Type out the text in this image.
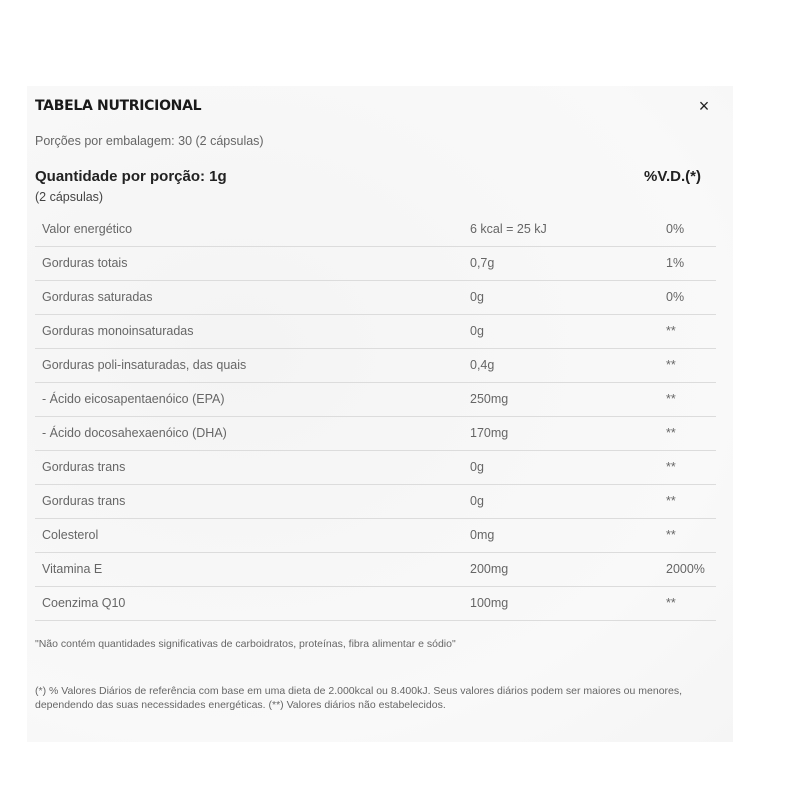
TABELA NUTRICIONAL	×
Porções por embalagem: 30 (2 cápsulas)
Quantidade por porção: 1g
(2 cápsulas)
%V.D.(*)
Valor energético	6 kcal = 25 kJ	0%
Gorduras totais	0,7g	1%
Gorduras saturadas	0g	0%
Gorduras monoinsaturadas	0g	**
Gorduras poli-insaturadas, das quais	0,4g	**
- Ácido eicosapentaenóico (EPA)	250mg	**
- Ácido docosahexaenóico (DHA)	170mg	**
Gorduras trans	0g	**
Gorduras trans	0g	**
Colesterol	0mg	**
Vitamina E	200mg	2000%
Coenzima Q10	100mg	**
"Não contém quantidades significativas de carboidratos, proteínas, fibra alimentar e sódio"
(*) % Valores Diários de referência com base em uma dieta de 2.000kcal ou 8.400kJ. Seus valores diários podem ser maiores ou menores, dependendo das suas necessidades energéticas. (**) Valores diários não estabelecidos.
